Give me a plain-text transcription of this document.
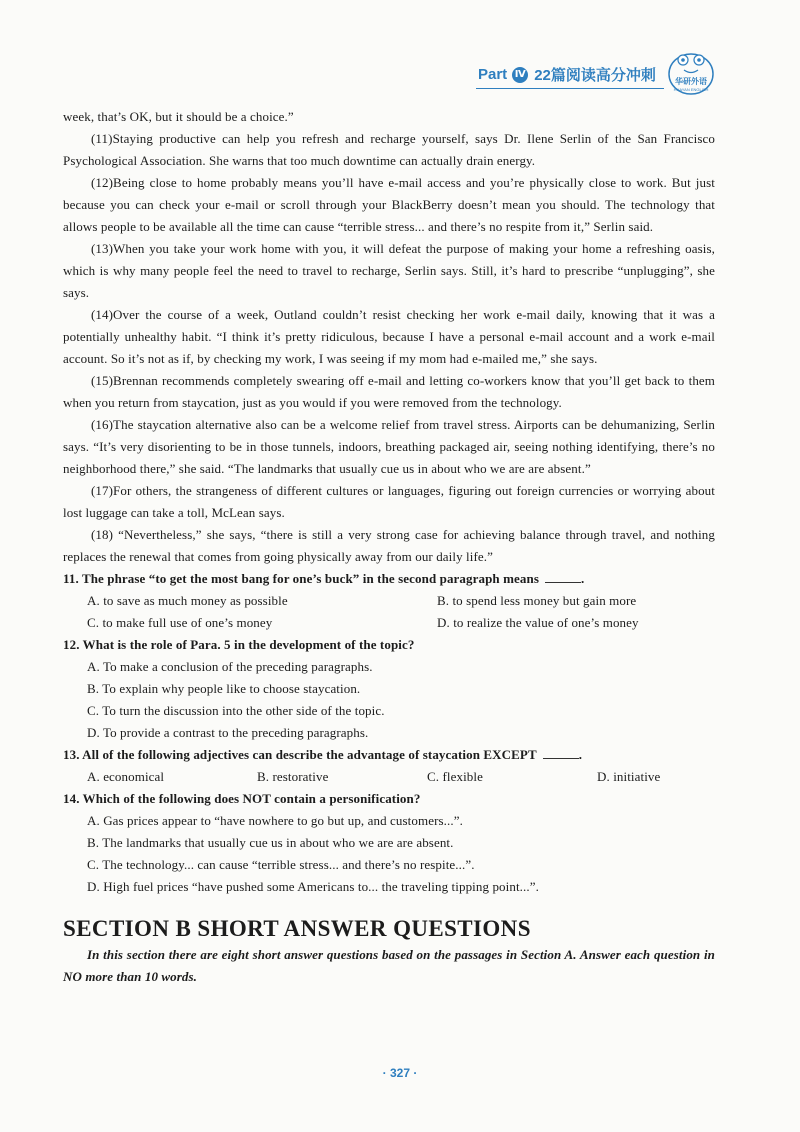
Part Ⅳ 22篇阅读高分冲刺	华研外语
HUAYAN ENGLISH

week, that’s OK, but it should be a choice.”

(11)Staying productive can help you refresh and recharge yourself, says Dr. Ilene Serlin of the San Francisco Psychological Association. She warns that too much downtime can actually drain energy.

(12)Being close to home probably means you’ll have e-mail access and you’re physically close to work. But just because you can check your e-mail or scroll through your BlackBerry doesn’t mean you should. The technology that allows people to be available all the time can cause “terrible stress... and there’s no respite from it,” Serlin said.

(13)When you take your work home with you, it will defeat the purpose of making your home a refreshing oasis, which is why many people feel the need to travel to recharge, Serlin says. Still, it’s hard to prescribe “unplugging”, she says.

(14)Over the course of a week, Outland couldn’t resist checking her work e-mail daily, knowing that it was a potentially unhealthy habit. “I think it’s pretty ridiculous, because I have a personal e-mail account and a work e-mail account. So it’s not as if, by checking my work, I was seeing if my mom had e-mailed me,” she says.

(15)Brennan recommends completely swearing off e-mail and letting co-workers know that you’ll get back to them when you return from staycation, just as you would if you were removed from the technology.

(16)The staycation alternative also can be a welcome relief from travel stress. Airports can be dehumanizing, Serlin says. “It’s very disorienting to be in those tunnels, indoors, breathing packaged air, seeing nothing identifying, there’s no neighborhood there,” she said. “The landmarks that usually cue us in about who we are are absent.”

(17)For others, the strangeness of different cultures or languages, figuring out foreign currencies or worrying about lost luggage can take a toll, McLean says.

(18) “Nevertheless,” she says, “there is still a very strong case for achieving balance through travel, and nothing replaces the renewal that comes from going physically away from our daily life.”

11. The phrase “to get the most bang for one’s buck” in the second paragraph means	.

A. to save as much money as possible	B. to spend less money but gain more
C. to make full use of one’s money	D. to realize the value of one’s money

12. What is the role of Para. 5 in the development of the topic?

A. To make a conclusion of the preceding paragraphs.

B. To explain why people like to choose staycation.

C. To turn the discussion into the other side of the topic.

D. To provide a contrast to the preceding paragraphs.

13. All of the following adjectives can describe the advantage of staycation EXCEPT	.

A. economical	B. restorative	C. flexible	D. initiative

14. Which of the following does NOT contain a personification?

A. Gas prices appear to “have nowhere to go but up, and customers...”.

B. The landmarks that usually cue us in about who we are are absent.

C. The technology... can cause “terrible stress... and there’s no respite...”.

D. High fuel prices “have pushed some Americans to... the traveling tipping point...”.

SECTION B SHORT ANSWER QUESTIONS

In this section there are eight short answer questions based on the passages in Section A. Answer each question in NO more than 10 words.

· 327 ·
